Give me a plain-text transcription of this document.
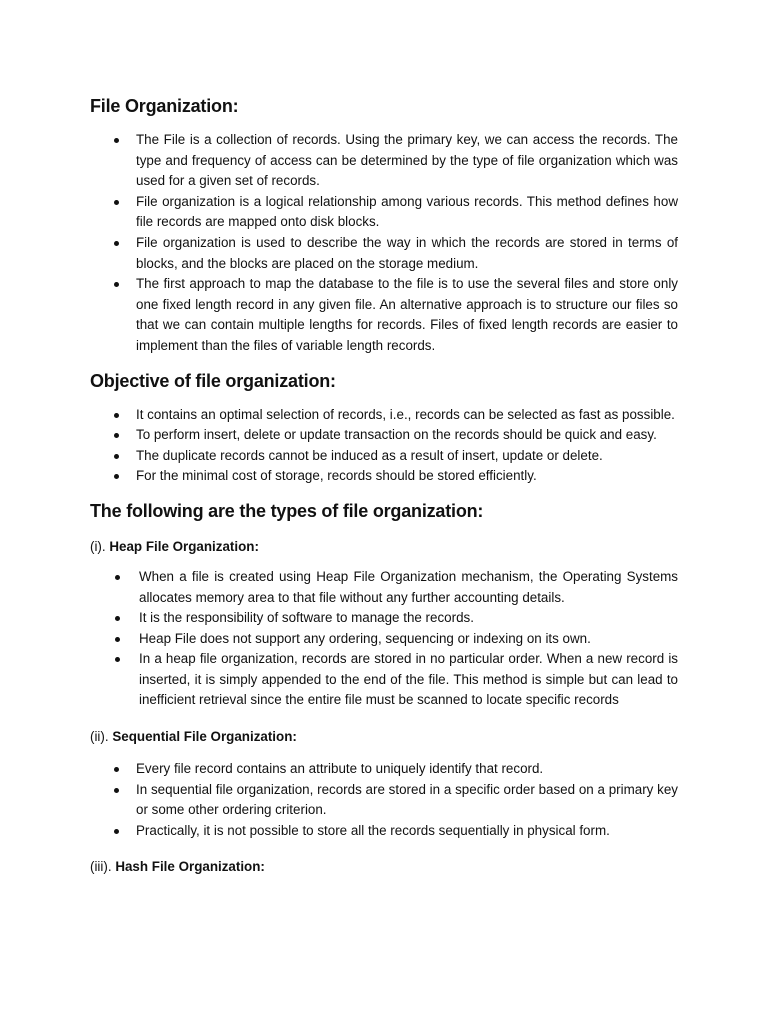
File Organization:
The File is a collection of records. Using the primary key, we can access the records. The type and frequency of access can be determined by the type of file organization which was used for a given set of records.
File organization is a logical relationship among various records. This method defines how file records are mapped onto disk blocks.
File organization is used to describe the way in which the records are stored in terms of blocks, and the blocks are placed on the storage medium.
The first approach to map the database to the file is to use the several files and store only one fixed length record in any given file. An alternative approach is to structure our files so that we can contain multiple lengths for records. Files of fixed length records are easier to implement than the files of variable length records.
Objective of file organization:
It contains an optimal selection of records, i.e., records can be selected as fast as possible.
To perform insert, delete or update transaction on the records should be quick and easy.
The duplicate records cannot be induced as a result of insert, update or delete.
For the minimal cost of storage, records should be stored efficiently.
The following are the types of file organization:
(i). Heap File Organization:
When a file is created using Heap File Organization mechanism, the Operating Systems allocates memory area to that file without any further accounting details.
It is the responsibility of software to manage the records.
Heap File does not support any ordering, sequencing or indexing on its own.
In a heap file organization, records are stored in no particular order. When a new record is inserted, it is simply appended to the end of the file. This method is simple but can lead to inefficient retrieval since the entire file must be scanned to locate specific records
(ii). Sequential File Organization:
Every file record contains an attribute to uniquely identify that record.
In sequential file organization, records are stored in a specific order based on a primary key or some other ordering criterion.
Practically, it is not possible to store all the records sequentially in physical form.
(iii). Hash File Organization:
